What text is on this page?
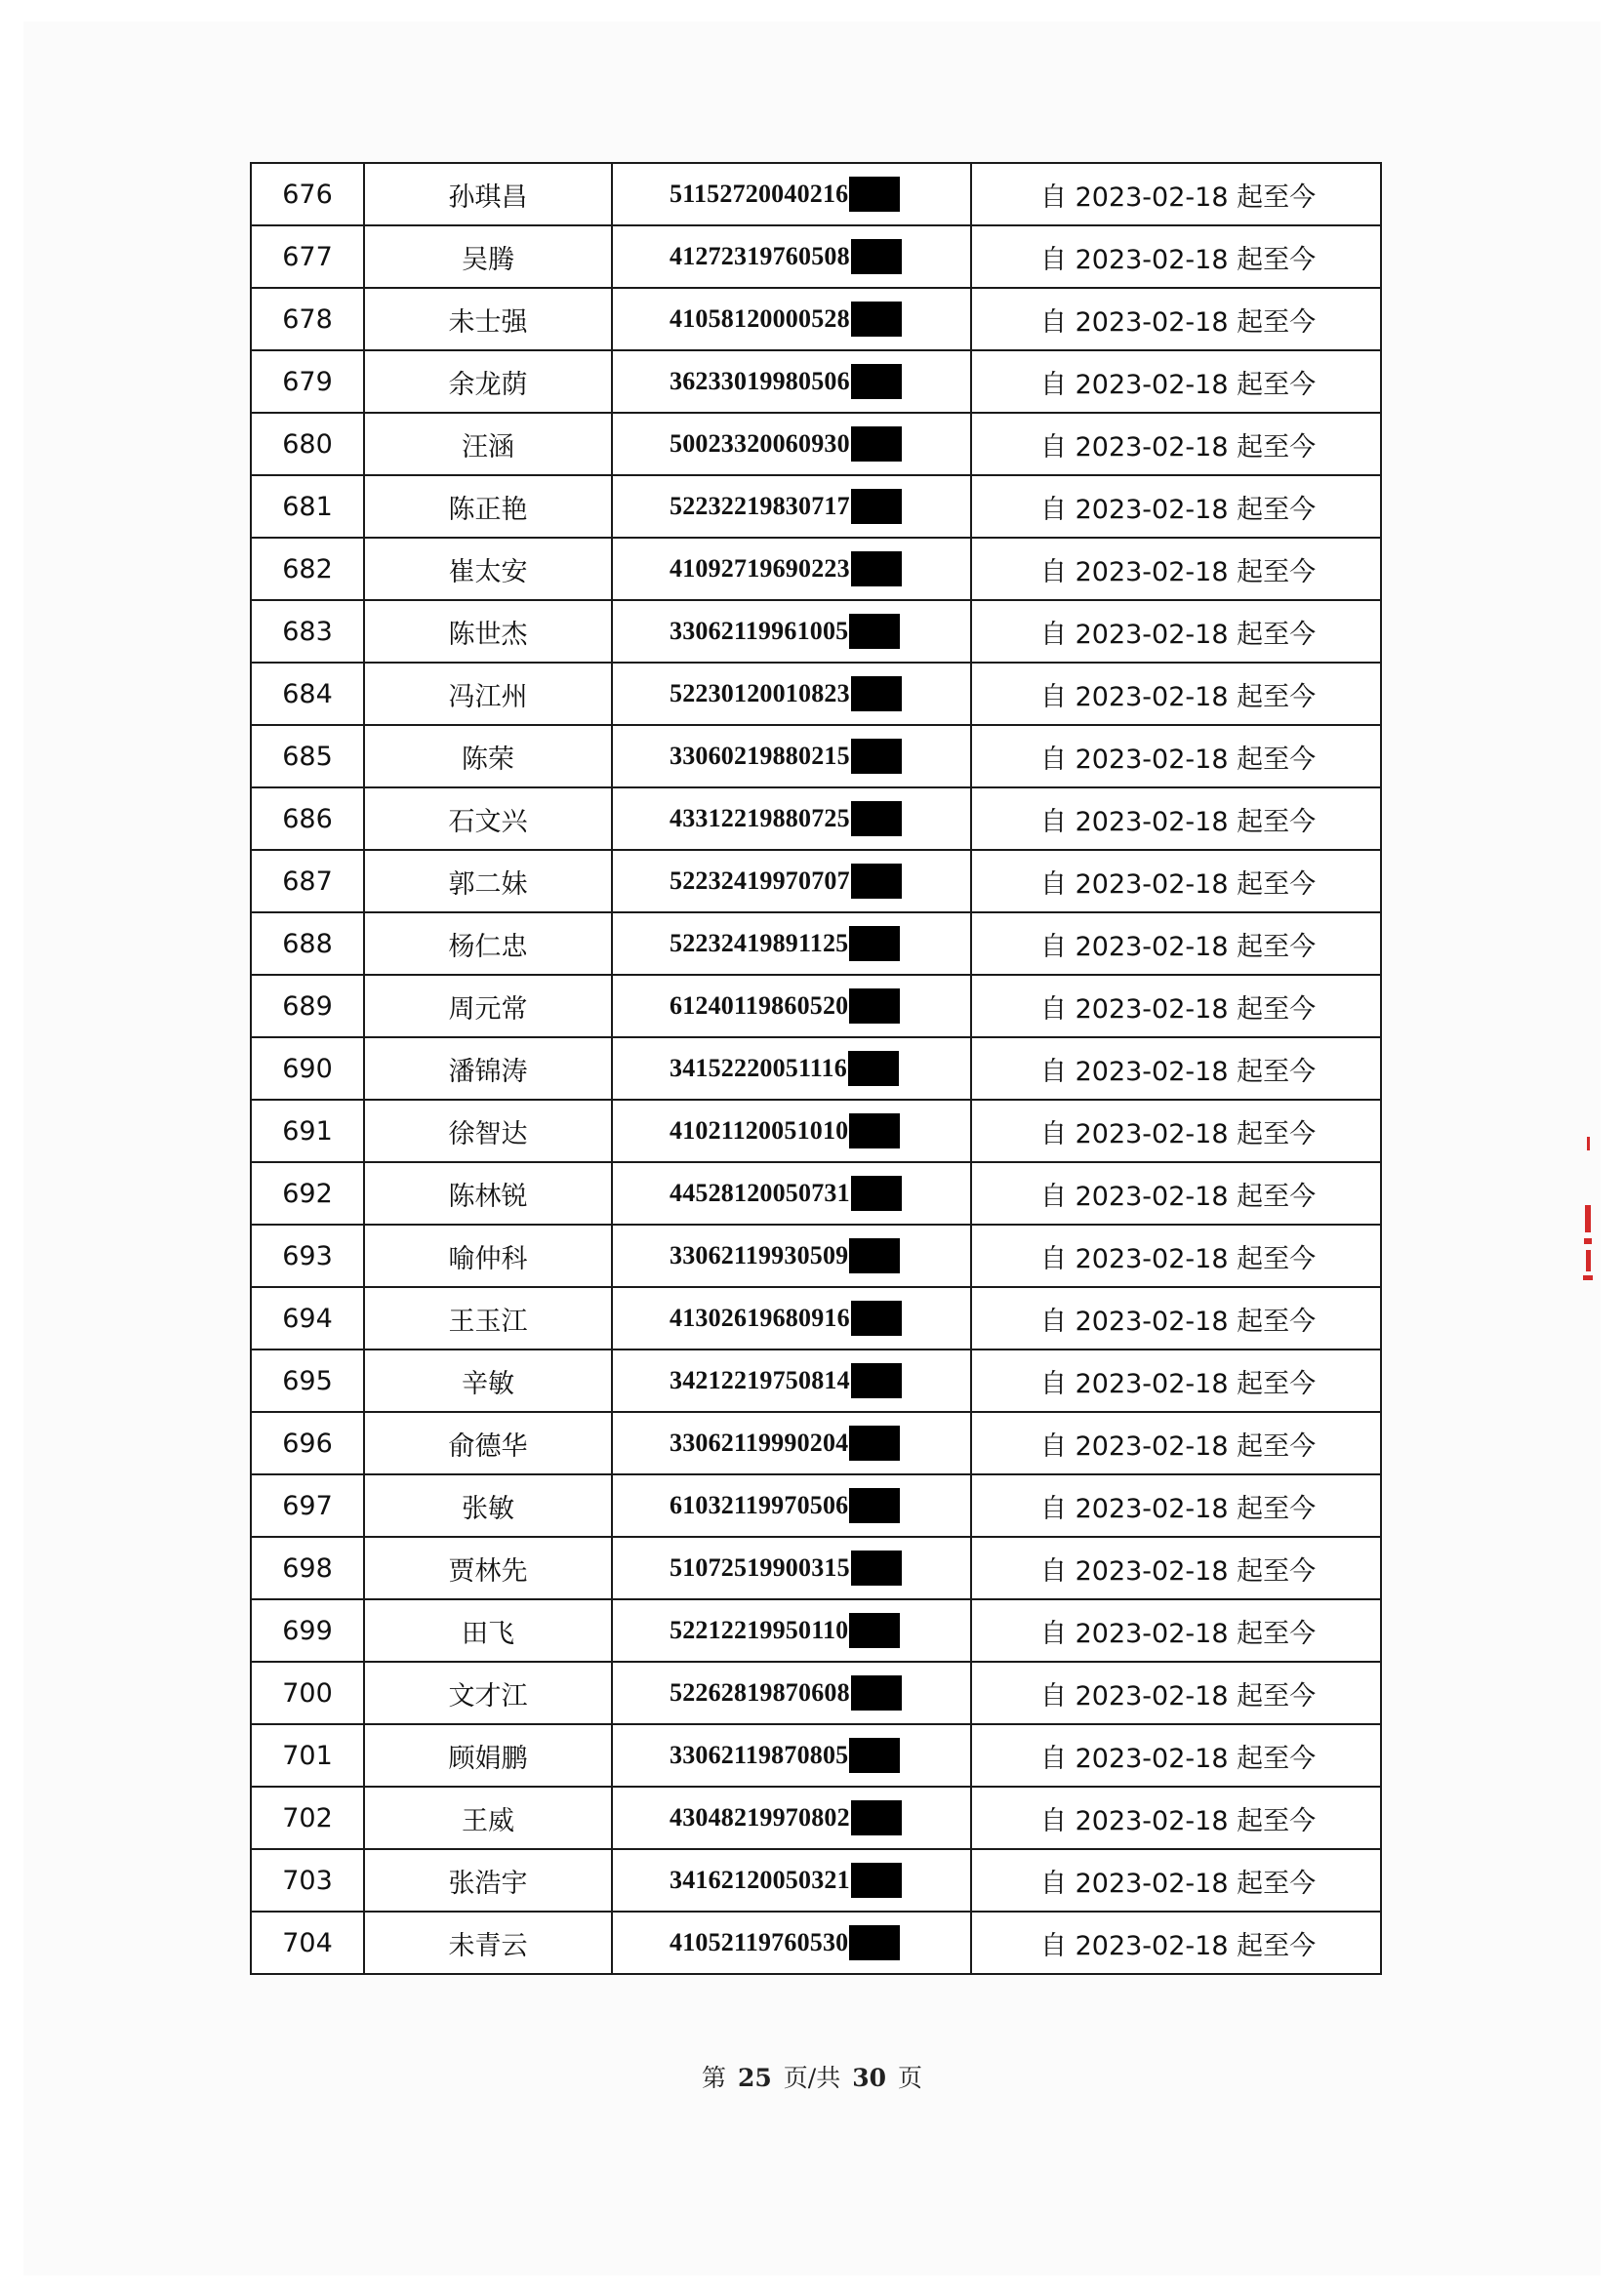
676	孙琪昌	51152720040216	自 2023-02-18 起至今
677	吴腾	41272319760508	自 2023-02-18 起至今
678	未士强	41058120000528	自 2023-02-18 起至今
679	余龙荫	36233019980506	自 2023-02-18 起至今
680	汪涵	50023320060930	自 2023-02-18 起至今
681	陈正艳	52232219830717	自 2023-02-18 起至今
682	崔太安	41092719690223	自 2023-02-18 起至今
683	陈世杰	33062119961005	自 2023-02-18 起至今
684	冯江州	52230120010823	自 2023-02-18 起至今
685	陈荣	33060219880215	自 2023-02-18 起至今
686	石文兴	43312219880725	自 2023-02-18 起至今
687	郭二妹	52232419970707	自 2023-02-18 起至今
688	杨仁忠	52232419891125	自 2023-02-18 起至今
689	周元常	61240119860520	自 2023-02-18 起至今
690	潘锦涛	34152220051116	自 2023-02-18 起至今
691	徐智达	41021120051010	自 2023-02-18 起至今
692	陈林锐	44528120050731	自 2023-02-18 起至今
693	喻仲科	33062119930509	自 2023-02-18 起至今
694	王玉江	41302619680916	自 2023-02-18 起至今
695	辛敏	34212219750814	自 2023-02-18 起至今
696	俞德华	33062119990204	自 2023-02-18 起至今
697	张敏	61032119970506	自 2023-02-18 起至今
698	贾林先	51072519900315	自 2023-02-18 起至今
699	田飞	52212219950110	自 2023-02-18 起至今
700	文才江	52262819870608	自 2023-02-18 起至今
701	顾娟鹏	33062119870805	自 2023-02-18 起至今
702	王威	43048219970802	自 2023-02-18 起至今
703	张浩宇	34162120050321	自 2023-02-18 起至今
704	未青云	41052119760530	自 2023-02-18 起至今
第 25 页/共 30 页
